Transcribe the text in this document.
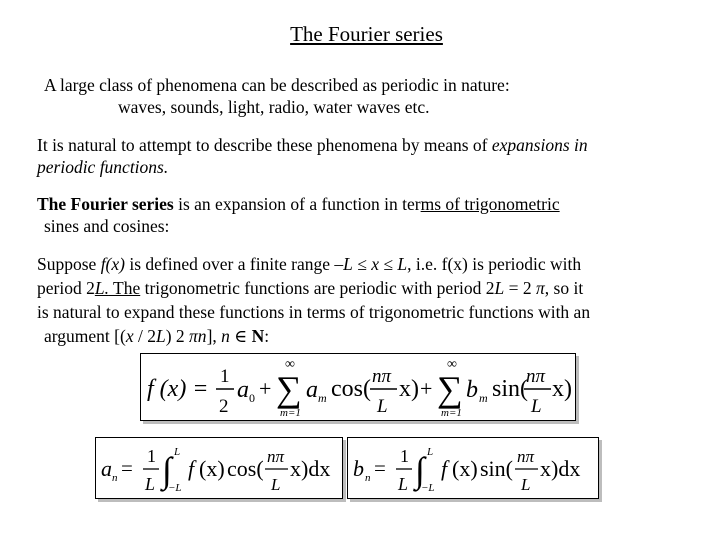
The Fourier series
A large class of phenomena can be described as periodic in nature:
waves, sounds, light, radio, water waves etc.
It is natural to attempt to describe these phenomena by means of expansions in
periodic functions.
The Fourier series is an expansion of a function in terms of trigonometric
sines and cosines:
Suppose f(x) is defined over a finite range –L ≤ x ≤ L, i.e. f(x) is periodic with
period 2L. The trigonometric functions are periodic with period 2L = 2 π, so it
is natural to expand these functions in terms of trigonometric functions with an
argument [(x / 2L) 2 πn], n ∈ N:
f (x) = 1
2
a 0 +
∞
∑
m=1
a m cos( nπ
L
x) +
∞
∑
m=1
b m sin(
nπ
L
x)
a n = 1
L ∫ L
−L
f (x) cos( nπ
L
x)dx b n = 1
L ∫ L
−L
f (x) sin( nπ
L
x)dx
